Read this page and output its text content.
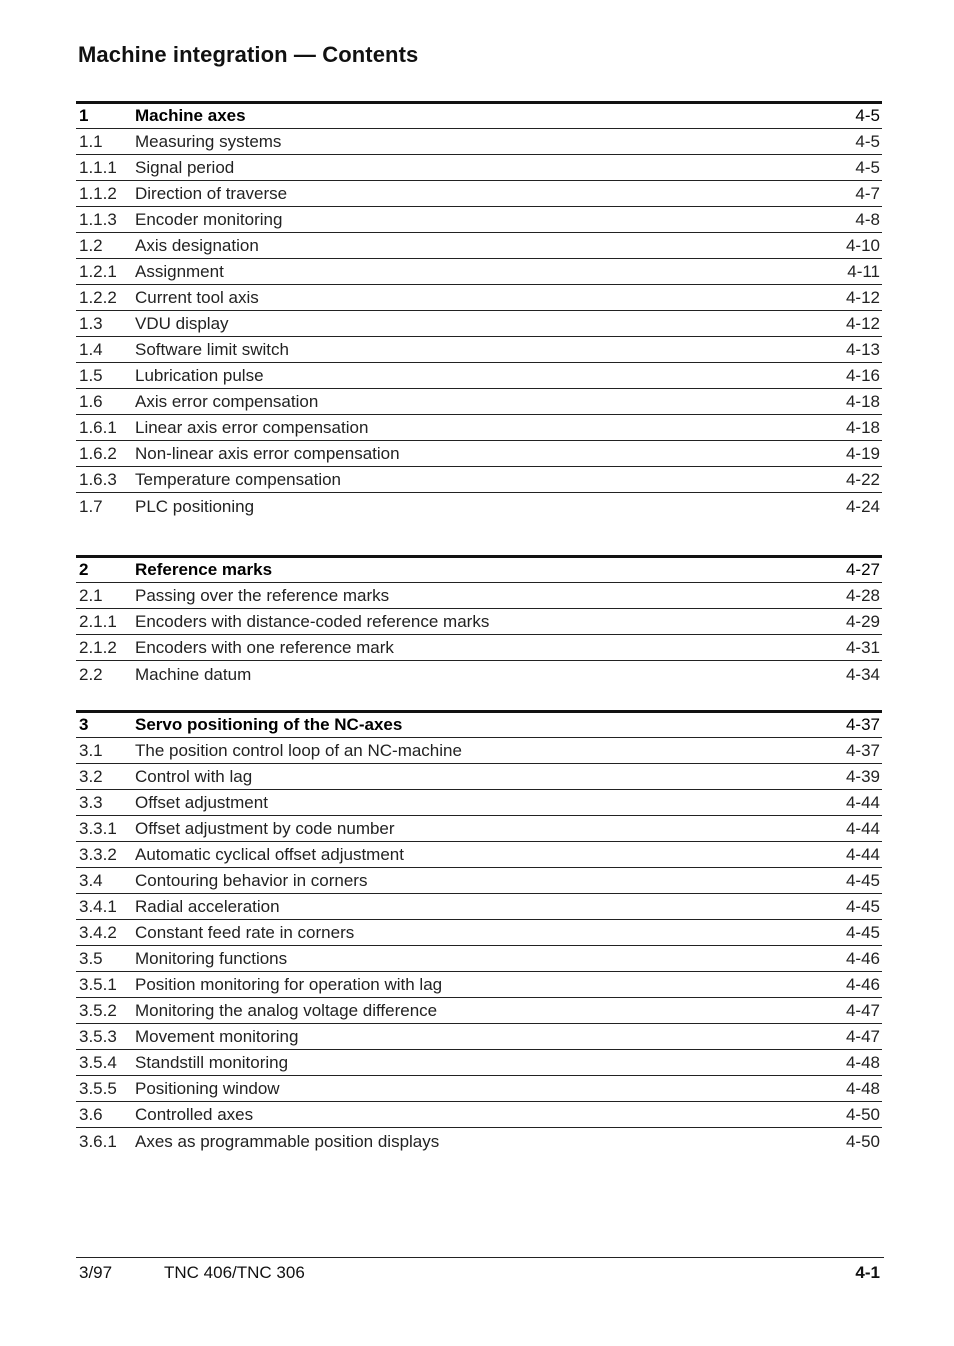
Machine integration — Contents
1	Machine axes	4-5
1.1	Measuring systems	4-5
1.1.1	Signal period	4-5
1.1.2	Direction of traverse	4-7
1.1.3	Encoder monitoring	4-8
1.2	Axis designation	4-10
1.2.1	Assignment	4-11
1.2.2	Current tool axis	4-12
1.3	VDU display	4-12
1.4	Software limit switch	4-13
1.5	Lubrication pulse	4-16
1.6	Axis error compensation	4-18
1.6.1	Linear axis error compensation	4-18
1.6.2	Non-linear axis error compensation	4-19
1.6.3	Temperature compensation	4-22
1.7	PLC positioning	4-24
2	Reference marks	4-27
2.1	Passing over the reference marks	4-28
2.1.1	Encoders with distance-coded reference marks	4-29
2.1.2	Encoders with one reference mark	4-31
2.2	Machine datum	4-34
3	Servo positioning of the NC-axes	4-37
3.1	The position control loop of an NC-machine	4-37
3.2	Control with lag	4-39
3.3	Offset adjustment	4-44
3.3.1	Offset adjustment by code number	4-44
3.3.2	Automatic cyclical offset adjustment	4-44
3.4	Contouring behavior in corners	4-45
3.4.1	Radial acceleration	4-45
3.4.2	Constant feed rate in corners	4-45
3.5	Monitoring functions	4-46
3.5.1	Position monitoring for operation with lag	4-46
3.5.2	Monitoring the analog voltage difference	4-47
3.5.3	Movement monitoring	4-47
3.5.4	Standstill monitoring	4-48
3.5.5	Positioning window	4-48
3.6	Controlled axes	4-50
3.6.1	Axes as programmable position displays	4-50
3/97	TNC 406/TNC 306	4-1
